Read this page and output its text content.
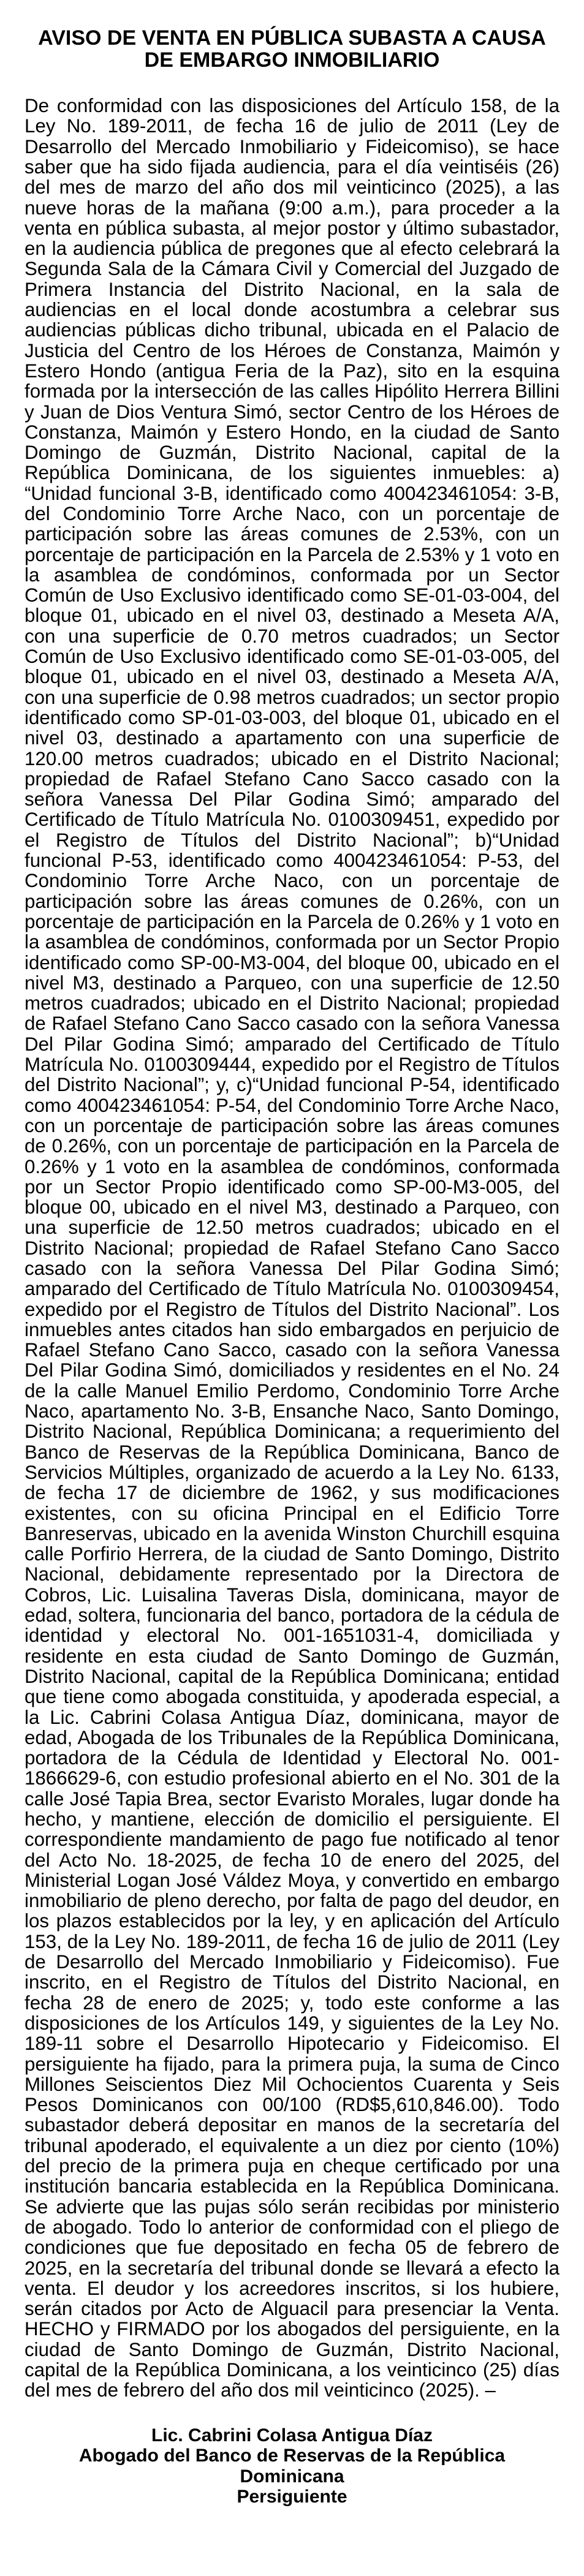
AVISO DE VENTA EN PÚBLICA SUBASTA A CAUSA DE EMBARGO INMOBILIARIO

De conformidad con las disposiciones del Artículo 158, de la Ley No. 189-2011, de fecha 16 de julio de 2011 (Ley de Desarrollo del Mercado Inmobiliario y Fideicomiso), se hace saber que ha sido fijada audiencia, para el día veintiséis (26) del mes de marzo del año dos mil veinticinco (2025), a las nueve horas de la mañana (9:00 a.m.), para proceder a la venta en pública subasta, al mejor postor y último subastador, en la audiencia pública de pregones que al efecto celebrará la Segunda Sala de la Cámara Civil y Comercial del Juzgado de Primera Instancia del Distrito Nacional, en la sala de audiencias en el local donde acostumbra a celebrar sus audiencias públicas dicho tribunal, ubicada en el Palacio de Justicia del Centro de los Héroes de Constanza, Maimón y Estero Hondo (antigua Feria de la Paz), sito en la esquina formada por la intersección de las calles Hipólito Herrera Billini y Juan de Dios Ventura Simó, sector Centro de los Héroes de Constanza, Maimón y Estero Hondo, en la ciudad de Santo Domingo de Guzmán, Distrito Nacional, capital de la República Dominicana, de los siguientes inmuebles: a) “Unidad funcional 3-B, identificado como 400423461054: 3-B, del Condominio Torre Arche Naco, con un porcentaje de participación sobre las áreas comunes de 2.53%, con un porcentaje de participación en la Parcela de 2.53% y 1 voto en la asamblea de condóminos, conformada por un Sector Común de Uso Exclusivo identificado como SE-01-03-004, del bloque 01, ubicado en el nivel 03, destinado a Meseta A/A, con una superficie de 0.70 metros cuadrados; un Sector Común de Uso Exclusivo identificado como SE-01-03-005, del bloque 01, ubicado en el nivel 03, destinado a Meseta A/A, con una superficie de 0.98 metros cuadrados; un sector propio identificado como SP-01-03-003, del bloque 01, ubicado en el nivel 03, destinado a apartamento con una superficie de 120.00 metros cuadrados; ubicado en el Distrito Nacional; propiedad de Rafael Stefano Cano Sacco casado con la señora Vanessa Del Pilar Godina Simó; amparado del Certificado de Título Matrícula No. 0100309451, expedido por el Registro de Títulos del Distrito Nacional”; b)“Unidad funcional P-53, identificado como 400423461054: P-53, del Condominio Torre Arche Naco, con un porcentaje de participación sobre las áreas comunes de 0.26%, con un porcentaje de participación en la Parcela de 0.26% y 1 voto en la asamblea de condóminos, conformada por un Sector Propio identificado como SP-00-M3-004, del bloque 00, ubicado en el nivel M3, destinado a Parqueo, con una superficie de 12.50 metros cuadrados; ubicado en el Distrito Nacional; propiedad de Rafael Stefano Cano Sacco casado con la señora Vanessa Del Pilar Godina Simó; amparado del Certificado de Título Matrícula No. 0100309444, expedido por el Registro de Títulos del Distrito Nacional”; y, c)“Unidad funcional P-54, identificado como 400423461054: P-54, del Condominio Torre Arche Naco, con un porcentaje de participación sobre las áreas comunes de 0.26%, con un porcentaje de participación en la Parcela de 0.26% y 1 voto en la asamblea de condóminos, conformada por un Sector Propio identificado como SP-00-M3-005, del bloque 00, ubicado en el nivel M3, destinado a Parqueo, con una superficie de 12.50 metros cuadrados; ubicado en el Distrito Nacional; propiedad de Rafael Stefano Cano Sacco casado con la señora Vanessa Del Pilar Godina Simó; amparado del Certificado de Título Matrícula No. 0100309454, expedido por el Registro de Títulos del Distrito Nacional”. Los inmuebles antes citados han sido embargados en perjuicio de Rafael Stefano Cano Sacco, casado con la señora Vanessa Del Pilar Godina Simó, domiciliados y residentes en el No. 24 de la calle Manuel Emilio Perdomo, Condominio Torre Arche Naco, apartamento No. 3-B, Ensanche Naco, Santo Domingo, Distrito Nacional, República Dominicana; a requerimiento del Banco de Reservas de la República Dominicana, Banco de Servicios Múltiples, organizado de acuerdo a la Ley No. 6133, de fecha 17 de diciembre de 1962, y sus modificaciones existentes, con su oficina Principal en el Edificio Torre Banreservas, ubicado en la avenida Winston Churchill esquina calle Porfirio Herrera, de la ciudad de Santo Domingo, Distrito Nacional, debidamente representado por la Directora de Cobros, Lic. Luisalina Taveras Disla, dominicana, mayor de edad, soltera, funcionaria del banco, portadora de la cédula de identidad y electoral No. 001-1651031-4, domiciliada y residente en esta ciudad de Santo Domingo de Guzmán, Distrito Nacional, capital de la República Dominicana; entidad que tiene como abogada constituida, y apoderada especial, a la Lic. Cabrini Colasa Antigua Díaz, dominicana, mayor de edad, Abogada de los Tribunales de la República Dominicana, portadora de la Cédula de Identidad y Electoral No. 001-1866629-6, con estudio profesional abierto en el No. 301 de la calle José Tapia Brea, sector Evaristo Morales, lugar donde ha hecho, y mantiene, elección de domicilio el persiguiente. El correspondiente mandamiento de pago fue notificado al tenor del Acto No. 18-2025, de fecha 10 de enero del 2025, del Ministerial Logan José Váldez Moya, y convertido en embargo inmobiliario de pleno derecho, por falta de pago del deudor, en los plazos establecidos por la ley, y en aplicación del Artículo 153, de la Ley No. 189-2011, de fecha 16 de julio de 2011 (Ley de Desarrollo del Mercado Inmobiliario y Fideicomiso). Fue inscrito, en el Registro de Títulos del Distrito Nacional, en fecha 28 de enero de 2025; y, todo este conforme a las disposiciones de los Artículos 149, y siguientes de la Ley No. 189-11 sobre el Desarrollo Hipotecario y Fideicomiso. El persiguiente ha fijado, para la primera puja, la suma de Cinco Millones Seiscientos Diez Mil Ochocientos Cuarenta y Seis Pesos Dominicanos con 00/100 (RD$5,610,846.00). Todo subastador deberá depositar en manos de la secretaría del tribunal apoderado, el equivalente a un diez por ciento (10%) del precio de la primera puja en cheque certificado por una institución bancaria establecida en la República Dominicana. Se advierte que las pujas sólo serán recibidas por ministerio de abogado. Todo lo anterior de conformidad con el pliego de condiciones que fue depositado en fecha 05 de febrero de 2025, en la secretaría del tribunal donde se llevará a efecto la venta. El deudor y los acreedores inscritos, si los hubiere, serán citados por Acto de Alguacil para presenciar la Venta. HECHO y FIRMADO por los abogados del persiguiente, en la ciudad de Santo Domingo de Guzmán, Distrito Nacional, capital de la República Dominicana, a los veinticinco (25) días del mes de febrero del año dos mil veinticinco (2025). –

Lic. Cabrini Colasa Antigua Díaz
Abogado del Banco de Reservas de la República Dominicana
Persiguiente
